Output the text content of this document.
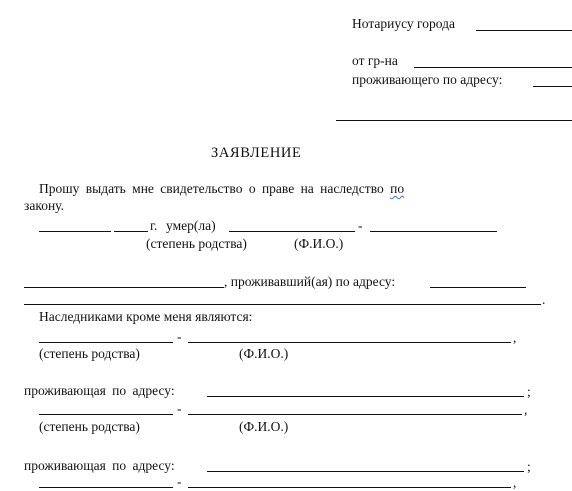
Нотариусу города
от гр-на
проживающего по адресу:
ЗАЯВЛЕНИЕ
Прошу выдать мне свидетельство о праве на наследство по
закону.
г. умер(ла)	-
(степень родства)	(Ф.И.О.)
, проживавший(ая) по адресу:
.
Наследниками кроме меня являются:
-	,
(степень родства)	(Ф.И.О.)
проживающая по адресу:	;
-	,
(степень родства)	(Ф.И.О.)
проживающая по адресу:	;
-	,
